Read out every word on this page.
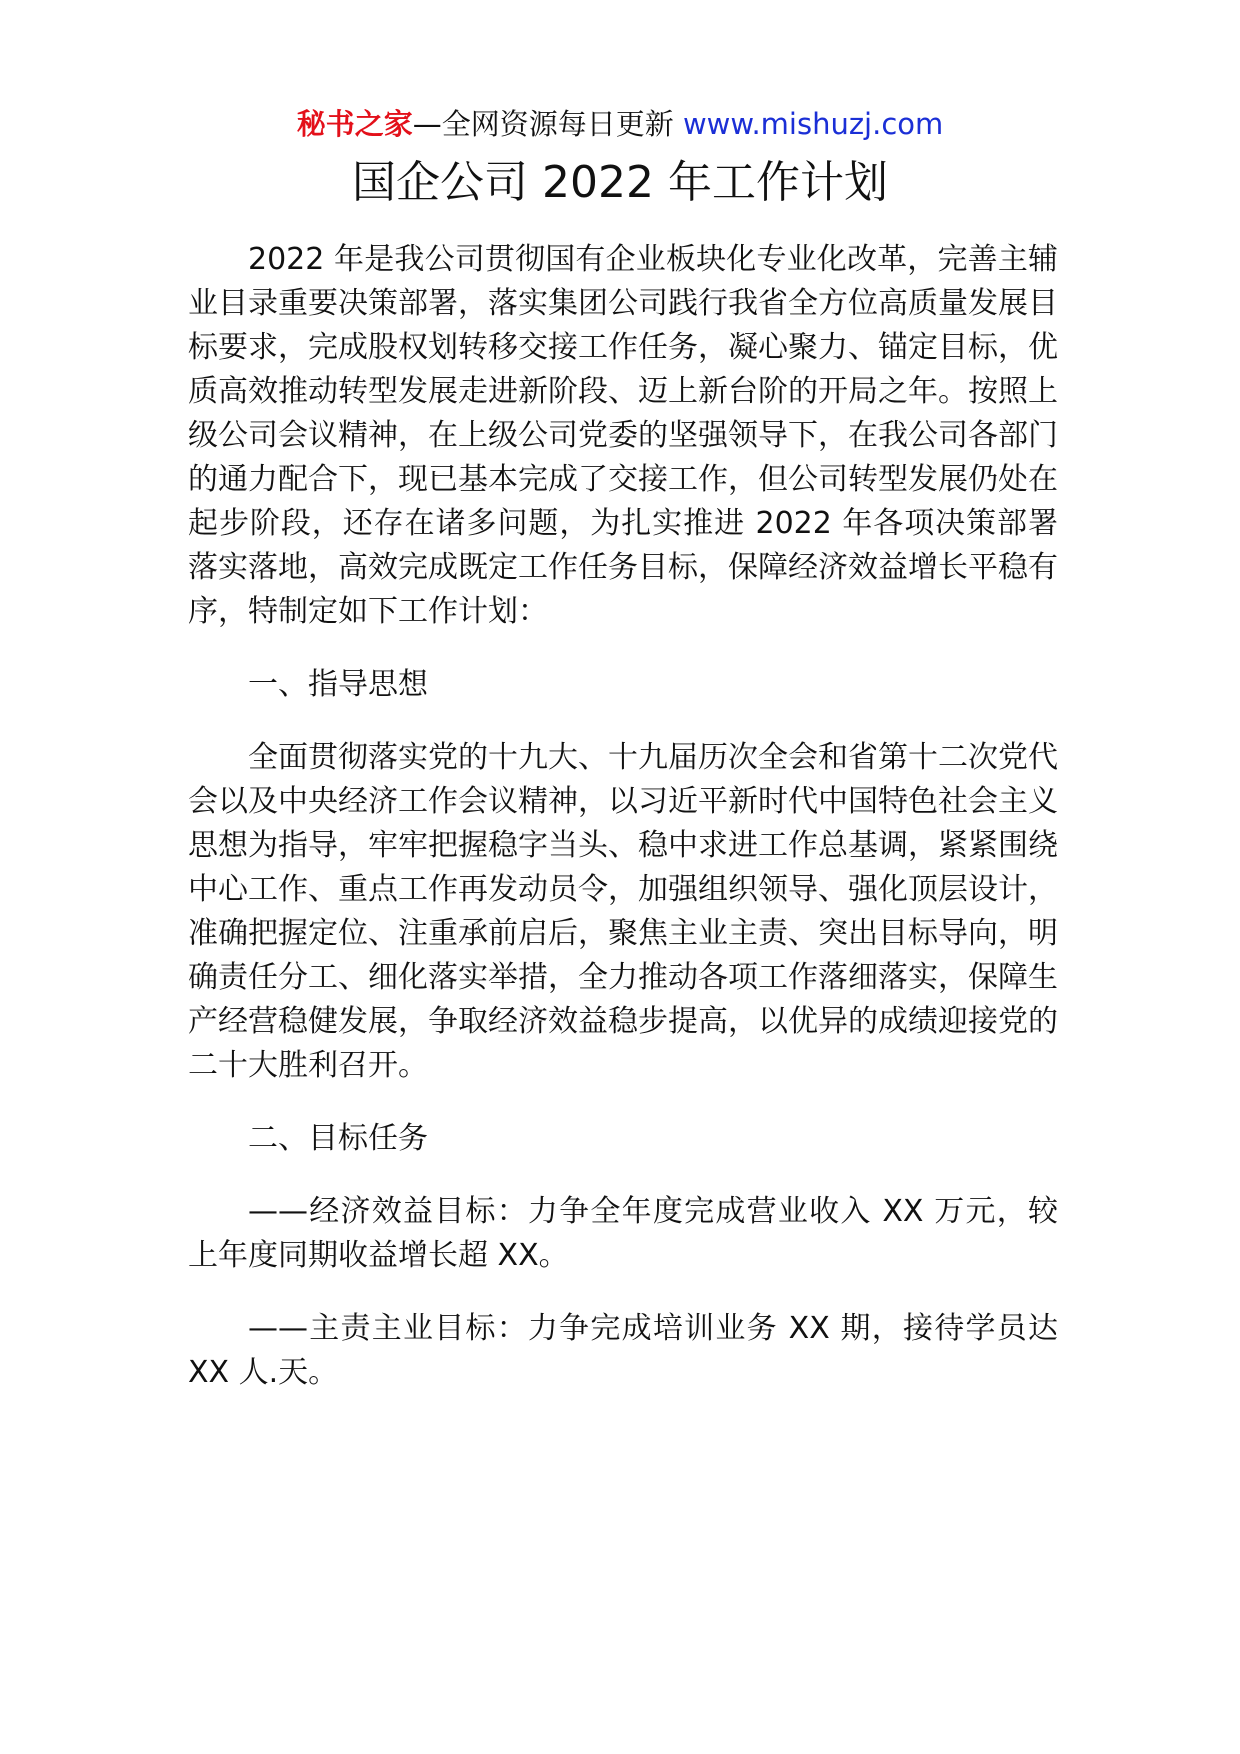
秘书之家—全网资源每日更新 www.mishuzj.com
国企公司 2022 年工作计划

2022 年是我公司贯彻国有企业板块化专业化改革，完善主辅业目录重要决策部署，落实集团公司践行我省全方位高质量发展目标要求，完成股权划转移交接工作任务，凝心聚力、锚定目标，优质高效推动转型发展走进新阶段、迈上新台阶的开局之年。按照上级公司会议精神，在上级公司党委的坚强领导下，在我公司各部门的通力配合下，现已基本完成了交接工作，但公司转型发展仍处在起步阶段，还存在诸多问题，为扎实推进 2022 年各项决策部署落实落地，高效完成既定工作任务目标，保障经济效益增长平稳有序，特制定如下工作计划：

一、指导思想

全面贯彻落实党的十九大、十九届历次全会和省第十二次党代会以及中央经济工作会议精神，以习近平新时代中国特色社会主义思想为指导，牢牢把握稳字当头、稳中求进工作总基调，紧紧围绕中心工作、重点工作再发动员令，加强组织领导、强化顶层设计，准确把握定位、注重承前启后，聚焦主业主责、突出目标导向，明确责任分工、细化落实举措，全力推动各项工作落细落实，保障生产经营稳健发展，争取经济效益稳步提高，以优异的成绩迎接党的二十大胜利召开。

二、目标任务

——经济效益目标：力争全年度完成营业收入 XX 万元，较上年度同期收益增长超 XX。

——主责主业目标：力争完成培训业务 XX 期，接待学员达 XX 人.天。
